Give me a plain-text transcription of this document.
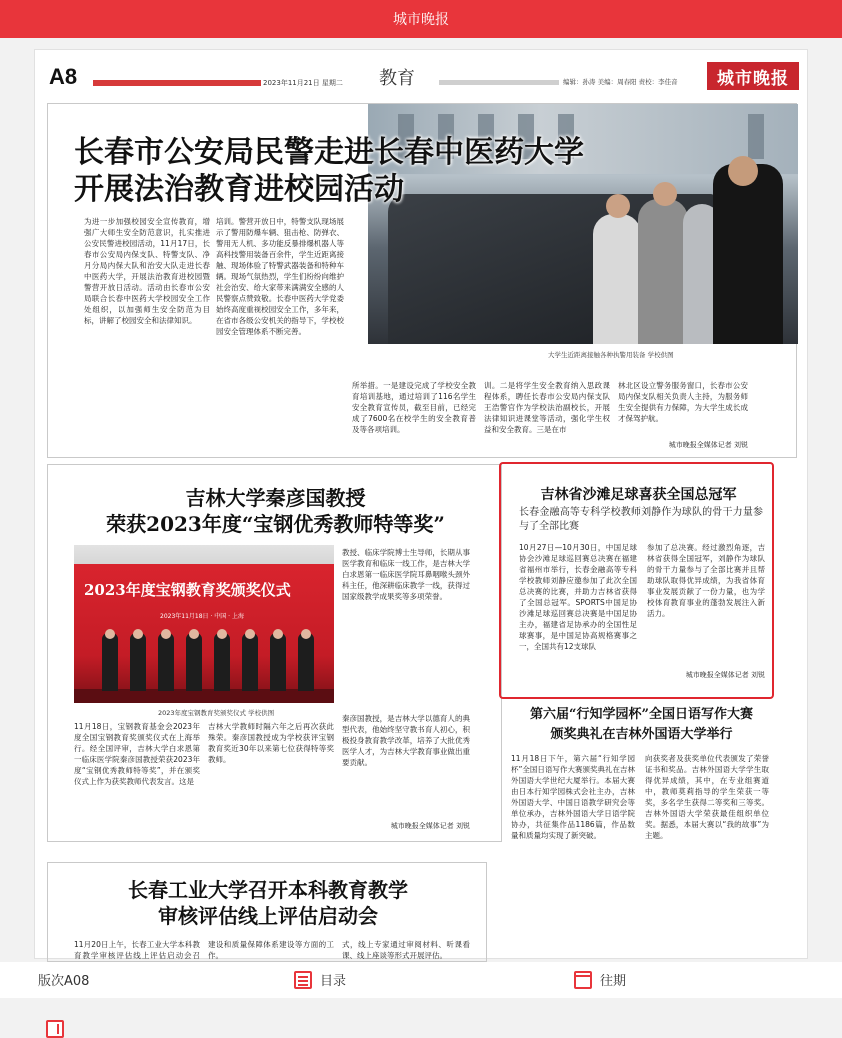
城市晚报
A8	2023年11月21日 星期二 教育	编辑：孙涛 美编：周春阳 责校：李佳音	城市晚报
长春市公安局民警走进长春中医药大学
开展法治教育进校园活动
大学生近距离接触各种执警用装备 学校供图
为进一步加强校园安全宣传教育，增强广大师生安全防范意识，扎实推进公安民警进校园活动，11月17日，长春市公安局内保支队、特警支队、净月分局内保大队和治安大队走进长春中医药大学，开展法治教育进校园暨警营开放日活动。活动由长春市公安局联合长春中医药大学校园安全工作处组织，以加强师生安全防范为目标，讲解了校园安全和法律知识。
培训。警营开放日中，特警支队现场展示了警用防爆车辆、狙击枪、防弹衣、警用无人机、多功能反暴排爆机器人等高科技警用装备百余件，学生近距离接触、现场体验了特警武器装备和特种车辆。现场气氛热烈，学生们纷纷向维护社会治安、给大家带来满满安全感的人民警察点赞致敬。长春中医药大学党委始终高度重视校园安全工作，多年来，在省市各级公安机关的指导下，学校校园安全管理体系不断完善。
所举措。一是建设完成了学校安全教育培训基地，通过培训了116名学生安全教育宣传员，截至目前，已经完成了7600名在校学生的安全教育普及等各项培训。
训。二是将学生安全教育纳入思政课程体系，聘任长春市公安局内保支队王浩警官作为学校法治副校长，开展法律知识进课堂等活动，强化学生权益和安全教育。三是在市
林北区设立警务服务窗口，长春市公安局内保支队相关负责人主持，为服务师生安全提供有力保障，为大学生成长成才保驾护航。
城市晚报全媒体记者 刘锐
吉林大学秦彦国教授
荣获2023年度“宝钢优秀教师特等奖”
2023年度宝钢教育奖颁奖仪式
2023年11月18日 · 中国 · 上海
2023年度宝钢教育奖颁奖仪式 学校供图
教授、临床学院博士生导师，长期从事医学教育和临床一线工作，是吉林大学白求恩第一临床医学院耳鼻咽喉头颈外科主任，他深耕临床教学一线，获得过国家级教学成果奖等多项荣誉。
11月18日，宝钢教育基金会2023年度全国宝钢教育奖颁奖仪式在上海举行。经全国评审，吉林大学白求恩第一临床医学院秦彦国教授荣获2023年度“宝钢优秀教师特等奖”，并在颁奖仪式上作为获奖教师代表发言。这是
吉林大学教师时隔六年之后再次获此殊荣。秦彦国教授成为学校获评宝钢教育奖近30年以来第七位获得特等奖教师。
秦彦国教授，是吉林大学以德育人的典型代表，他始终坚守教书育人初心，积极投身教育教学改革，培养了大批优秀医学人才，为吉林大学教育事业做出重要贡献。
城市晚报全媒体记者 刘锐
吉林省沙滩足球喜获全国总冠军
长春金融高等专科学校教师刘静作为球队的骨干力量参与了全部比赛
10月27日—10月30日，中国足球协会沙滩足球巡回赛总决赛在福建省福州市举行，长春金融高等专科学校教师刘静应邀参加了此次全国总决赛的比赛，并助力吉林省获得了全国总冠军。SPORTS中国足协沙滩足球巡回赛总决赛是中国足协主办，福建省足协承办的全国性足球赛事，是中国足协高规格赛事之一，全国共有12支球队
参加了总决赛。经过激烈角逐，吉林省获得全国冠军，刘静作为球队的骨干力量参与了全部比赛并且帮助球队取得优异成绩，为我省体育事业发展贡献了一份力量，也为学校体育教育事业的蓬勃发展注入新活力。
城市晚报全媒体记者 刘锐
第六届“行知学园杯”全国日语写作大赛
颁奖典礼在吉林外国语大学举行
11月18日下午，第六届“行知学园杯”全国日语写作大赛颁奖典礼在吉林外国语大学世纪大厦举行。本届大赛由日本行知学园株式会社主办，吉林外国语大学、中国日语教学研究会等单位承办，吉林外国语大学日语学院协办，共征集作品1186篇，作品数量和质量均实现了新突破。
向获奖者及获奖单位代表颁发了荣誉证书和奖品。吉林外国语大学学生取得优异成绩，其中，在专业组赛道中，教师莫莉指导的学生荣获一等奖，多名学生获得二等奖和三等奖。吉林外国语大学荣获最佳组织单位奖。据悉，本届大赛以“我的故事”为主题。
长春工业大学召开本科教育教学
审核评估线上评估启动会
11月20日上午，长春工业大学本科教育教学审核评估线上评估启动会召
建设和质量保障体系建设等方面的工作。
式，线上专家通过审阅材料、听课看课、线上座谈等形式开展评估。
版次A08	目录	往期
